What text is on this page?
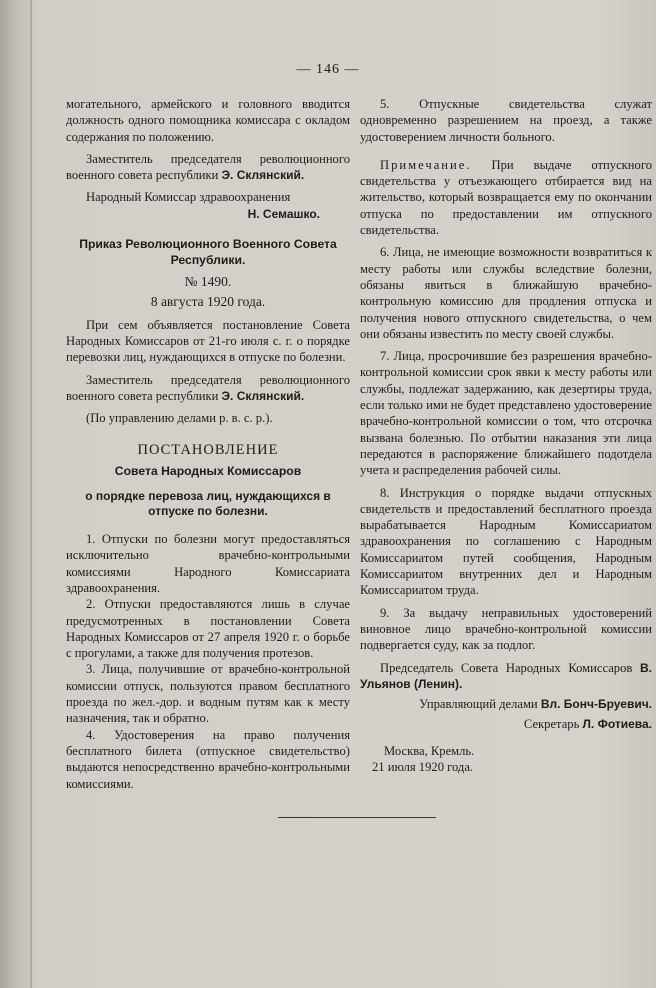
— 146 —

могательного, армейского и головного вводится должность одного помощника комиссара с окладом содержания по положению.

Заместитель председателя революционного военного совета республики Э. Склянский.

Народный Комиссар здравоохранения

Н. Семашко.

Приказ Революционного Военного Совета Республики.

№ 1490.

8 августа 1920 года.

При сем объявляется постановление Совета Народных Комиссаров от 21-го июля с. г. о порядке перевозки лиц, нуждающихся в отпуске по болезни.

Заместитель председателя революционного военного совета республики Э. Склянский.

(По управлению делами р. в. с. р.).

ПОСТАНОВЛЕНИЕ

Совета Народных Комиссаров

о порядке перевоза лиц, нуждающихся в отпуске по болезни.

1. Отпуски по болезни могут предоставляться исключительно врачебно-контрольными комиссиями Народного Комиссариата здравоохранения.

2. Отпуски предоставляются лишь в случае предусмотренных в постановлении Совета Народных Комиссаров от 27 апреля 1920 г. о борьбе с прогулами, а также для получения протезов.

3. Лица, получившие от врачебно-контрольной комиссии отпуск, пользуются правом бесплатного проезда по жел.-дор. и водным путям как к месту назначения, так и обратно.

4. Удостоверения на право получения бесплатного билета (отпускное свидетельство) выдаются непосредственно врачебно-контрольными комиссиями.

5. Отпускные свидетельства служат одновременно разрешением на проезд, а также удостоверением личности больного.

Примечание. При выдаче отпускного свидетельства у отъезжающего отбирается вид на жительство, который возвращается ему по окончании отпуска по предоставлении им отпускного свидетельства.

6. Лица, не имеющие возможности возвратиться к месту работы или службы вследствие болезни, обязаны явиться в ближайшую врачебно-контрольную комиссию для продления отпуска и получения нового отпускного свидетельства, о чем они обязаны известить по месту своей службы.

7. Лица, просрочившие без разрешения врачебно-контрольной комиссии срок явки к месту работы или службы, подлежат задержанию, как дезертиры труда, если только ими не будет представлено удостоверение врачебно-контрольной комиссии о том, что отсрочка вызвана болезнью. По отбытии наказания эти лица передаются в распоряжение ближайшего подотдела учета и распределения рабочей силы.

8. Инструкция о порядке выдачи отпускных свидетельств и предоставлений бесплатного проезда вырабатывается Народным Комиссариатом здравоохранения по соглашению с Народным Комиссариатом путей сообщения, Народным Комиссариатом внутренних дел и Народным Комиссариатом труда.

9. За выдачу неправильных удостоверений виновное лицо врачебно-контрольной комиссии подвергается суду, как за подлог.

Председатель Совета Народных Комиссаров В. Ульянов (Ленин).

Управляющий делами Вл. Бонч-Бруевич.

Секретарь Л. Фотиева.

Москва, Кремль.

21 июля 1920 года.
